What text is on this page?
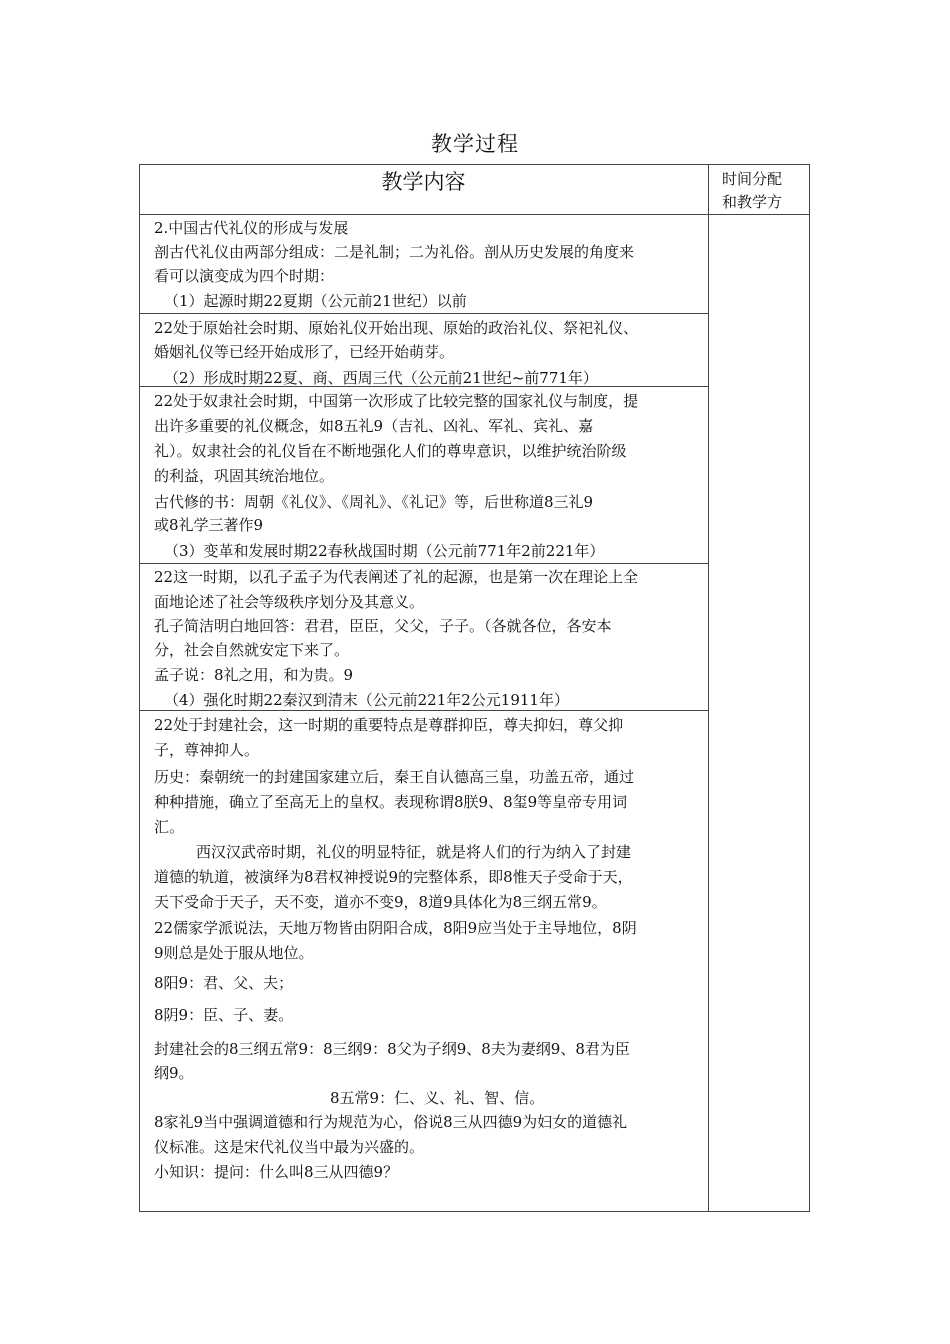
教学过程
教学内容	时间分配
和教学方
2.中国古代礼仪的形成与发展
剖古代礼仪由两部分组成：二是礼制；二为礼俗。剖从历史发展的角度来
看可以演变成为四个时期：
（1）起源时期22夏期（公元前21世纪）以前
22处于原始社会时期、原始礼仪开始出现、原始的政治礼仪、祭祀礼仪、
婚姻礼仪等已经开始成形了，已经开始萌芽。
（2）形成时期22夏、商、西周三代（公元前21世纪~前771年）
22处于奴隶社会时期，中国第一次形成了比较完整的国家礼仪与制度，提
出许多重要的礼仪概念，如8五礼9（吉礼、凶礼、军礼、宾礼、嘉
礼）。奴隶社会的礼仪旨在不断地强化人们的尊卑意识，以维护统治阶级
的利益，巩固其统治地位。
古代修的书：周朝《礼仪》、《周礼》、《礼记》等，后世称道8三礼9
或8礼学三著作9
（3）变革和发展时期22春秋战国时期（公元前771年2前221年）
22这一时期，以孔子孟子为代表阐述了礼的起源，也是第一次在理论上全
面地论述了社会等级秩序划分及其意义。
孔子简洁明白地回答：君君，臣臣，父父，子子。（各就各位，各安本
分，社会自然就安定下来了。
孟子说：8礼之用，和为贵。9
（4）强化时期22秦汉到清末（公元前221年2公元1911年）
22处于封建社会，这一时期的重要特点是尊群抑臣，尊夫抑妇，尊父抑
子，尊神抑人。
历史：秦朝统一的封建国家建立后，秦王自认德高三皇，功盖五帝，通过
种种措施，确立了至高无上的皇权。表现称谓8朕9、8玺9等皇帝专用词
汇。
西汉汉武帝时期，礼仪的明显特征，就是将人们的行为纳入了封建
道德的轨道，被演绎为8君权神授说9的完整体系，即8惟天子受命于天，
天下受命于天子，天不变，道亦不变9，8道9具体化为8三纲五常9。
22儒家学派说法，天地万物皆由阴阳合成，8阳9应当处于主导地位，8阴
9则总是处于服从地位。
8阳9：君、父、夫；
8阴9：臣、子、妻。
封建社会的8三纲五常9：8三纲9：8父为子纲9、8夫为妻纲9、8君为臣
纲9。
8五常9：仁、义、礼、智、信。
8家礼9当中强调道德和行为规范为心，俗说8三从四德9为妇女的道德礼
仪标准。这是宋代礼仪当中最为兴盛的。
小知识：提问：什么叫8三从四德9？
